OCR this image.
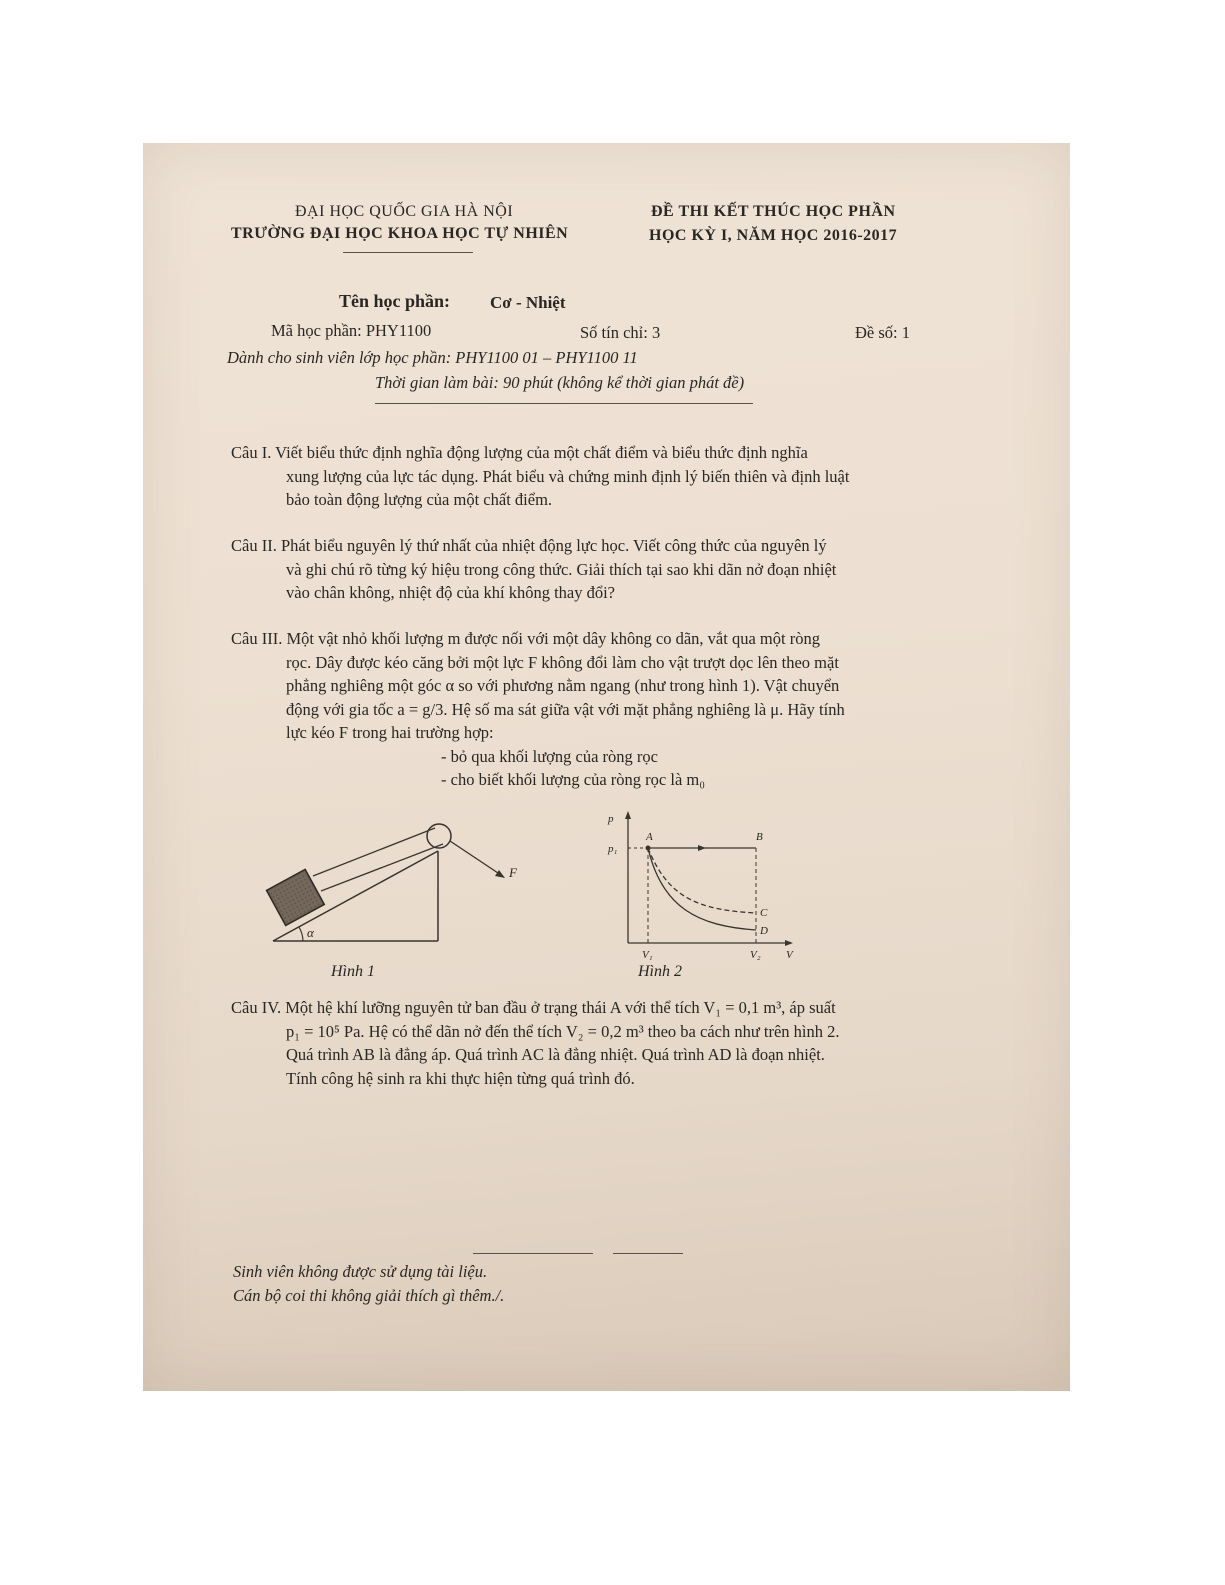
ĐẠI HỌC QUỐC GIA HÀ NỘI
TRƯỜNG ĐẠI HỌC KHOA HỌC TỰ NHIÊN
ĐỀ THI KẾT THÚC HỌC PHẦN
HỌC KỲ I, NĂM HỌC 2016-2017
Tên học phần: Cơ - Nhiệt
Mã học phần: PHY1100	Số tín chỉ: 3	Đề số: 1
Dành cho sinh viên lớp học phần: PHY1100 01 – PHY1100 11
Thời gian làm bài: 90 phút (không kể thời gian phát đề)
Câu I. Viết biểu thức định nghĩa động lượng của một chất điểm và biểu thức định nghĩa
xung lượng của lực tác dụng. Phát biểu và chứng minh định lý biến thiên và định luật
bảo toàn động lượng của một chất điểm.
Câu II. Phát biểu nguyên lý thứ nhất của nhiệt động lực học. Viết công thức của nguyên lý
và ghi chú rõ từng ký hiệu trong công thức. Giải thích tại sao khi dãn nở đoạn nhiệt
vào chân không, nhiệt độ của khí không thay đổi?
Câu III. Một vật nhỏ khối lượng m được nối với một dây không co dãn, vắt qua một ròng
rọc. Dây được kéo căng bởi một lực F không đổi làm cho vật trượt dọc lên theo mặt
phẳng nghiêng một góc α so với phương nằm ngang (như trong hình 1). Vật chuyển
động với gia tốc a = g/3. Hệ số ma sát giữa vật với mặt phẳng nghiêng là μ. Hãy tính
lực kéo F trong hai trường hợp:
- bỏ qua khối lượng của ròng rọc
- cho biết khối lượng của ròng rọc là m₀
α
F
Hình 1
p
p₁
A	B
C
D
V₁	V₂ V
Hình 2
Câu IV. Một hệ khí lưỡng nguyên tử ban đầu ở trạng thái A với thể tích V₁ = 0,1 m³, áp suất
p₁ = 10⁵ Pa. Hệ có thể dãn nở đến thể tích V₂ = 0,2 m³ theo ba cách như trên hình 2.
Quá trình AB là đẳng áp. Quá trình AC là đẳng nhiệt. Quá trình AD là đoạn nhiệt.
Tính công hệ sinh ra khi thực hiện từng quá trình đó.
Sinh viên không được sử dụng tài liệu.
Cán bộ coi thi không giải thích gì thêm./.
